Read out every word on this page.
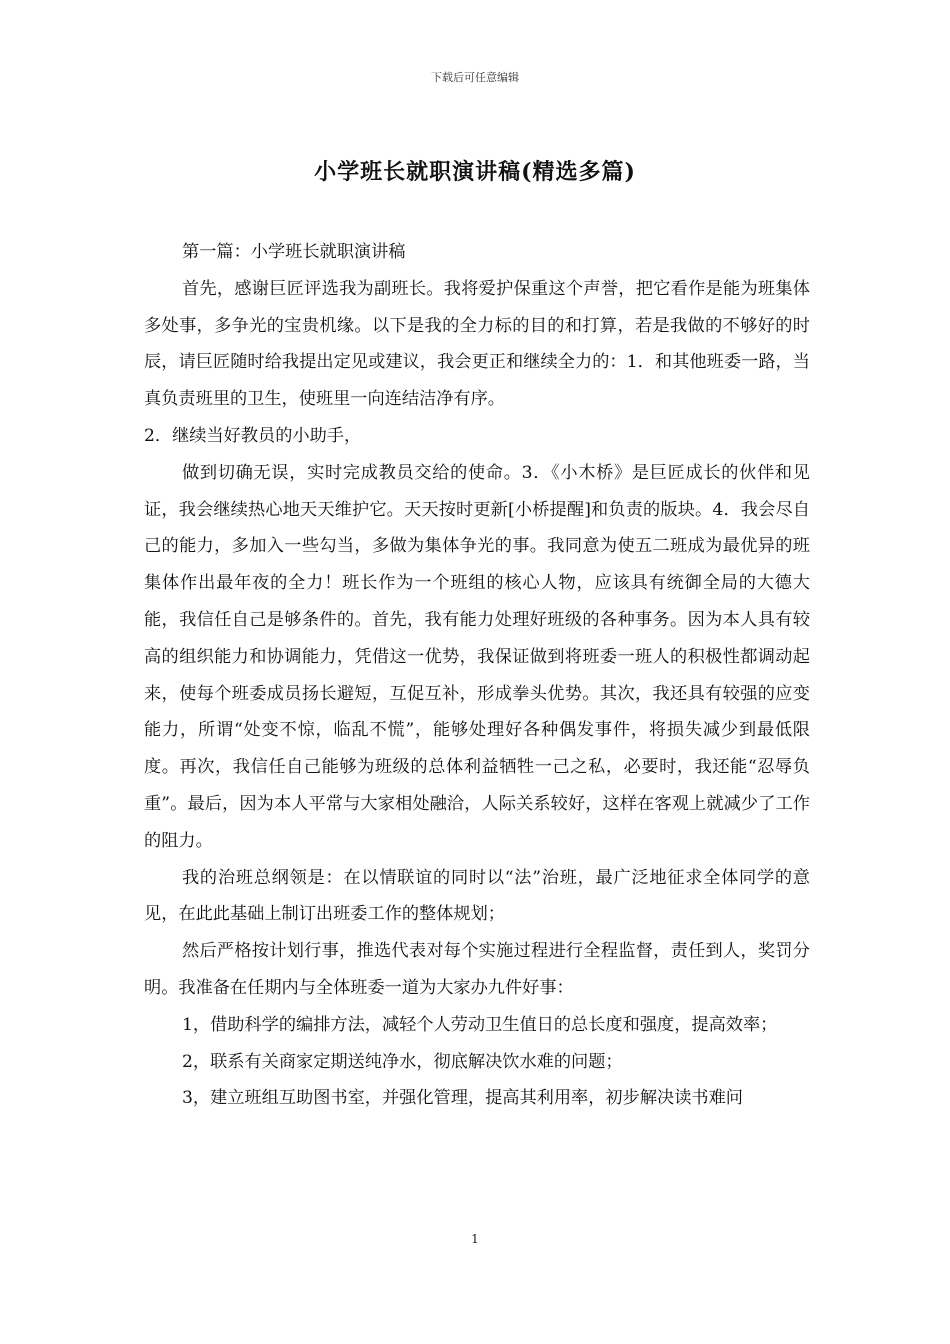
下载后可任意编辑
小学班长就职演讲稿(精选多篇)

第一篇：小学班长就职演讲稿

首先，感谢巨匠评选我为副班长。我将爱护保重这个声誉，把它看作是能为班集体多处事，多争光的宝贵机缘。以下是我的全力标的目的和打算，若是我做的不够好的时辰，请巨匠随时给我提出定见或建议，我会更正和继续全力的：1．和其他班委一路，当真负责班里的卫生，使班里一向连结洁净有序。

2．继续当好教员的小助手，

做到切确无误，实时完成教员交给的使命。3．《小木桥》是巨匠成长的伙伴和见证，我会继续热心地天天维护它。天天按时更新[小桥提醒]和负责的版块。4．我会尽自己的能力，多加入一些勾当，多做为集体争光的事。我同意为使五二班成为最优异的班集体作出最年夜的全力！班长作为一个班组的核心人物，应该具有统御全局的大德大能，我信任自己是够条件的。首先，我有能力处理好班级的各种事务。因为本人具有较高的组织能力和协调能力，凭借这一优势，我保证做到将班委一班人的积极性都调动起来，使每个班委成员扬长避短，互促互补，形成拳头优势。其次，我还具有较强的应变能力，所谓“处变不惊，临乱不慌”，能够处理好各种偶发事件，将损失减少到最低限度。再次，我信任自己能够为班级的总体利益牺牲一己之私，必要时，我还能“忍辱负重”。最后，因为本人平常与大家相处融洽，人际关系较好，这样在客观上就减少了工作的阻力。

我的治班总纲领是：在以情联谊的同时以“法”治班，最广泛地征求全体同学的意见，在此此基础上制订出班委工作的整体规划；

然后严格按计划行事，推选代表对每个实施过程进行全程监督，责任到人，奖罚分明。我准备在任期内与全体班委一道为大家办九件好事：

1，借助科学的编排方法，减轻个人劳动卫生值日的总长度和强度，提高效率；

2，联系有关商家定期送纯净水，彻底解决饮水难的问题；

3，建立班组互助图书室，并强化管理，提高其利用率，初步解决读书难问

1
